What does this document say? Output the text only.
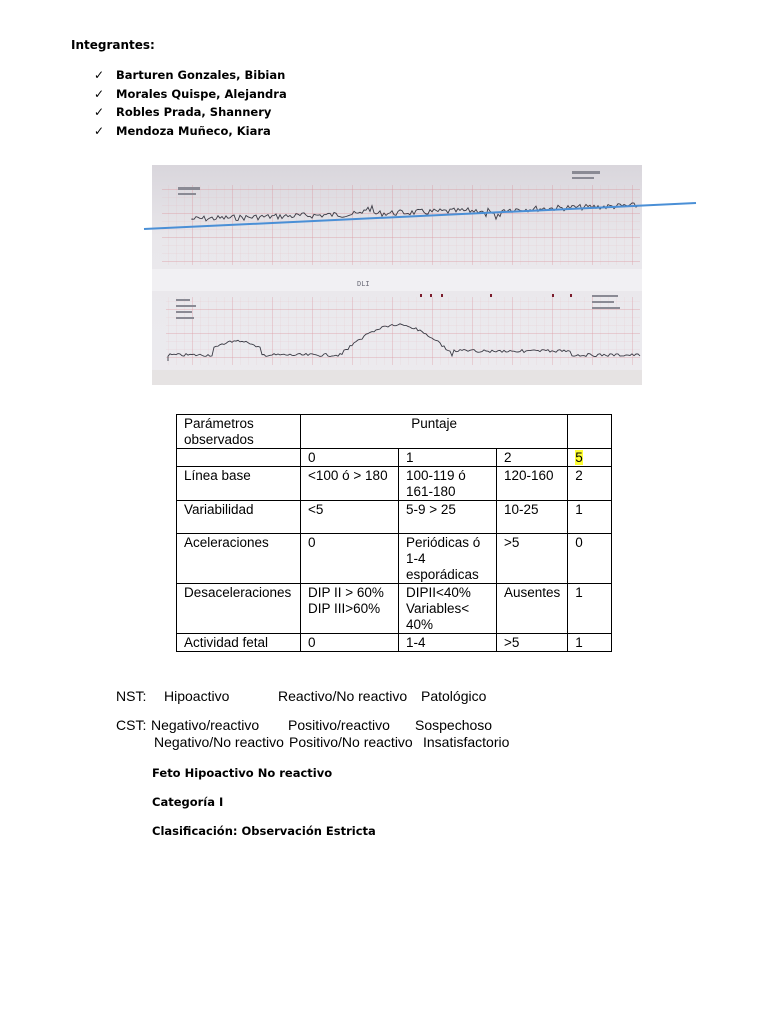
Integrantes:
✓	Barturen Gonzales, Bibian
✓	Morales Quispe, Alejandra
✓	Robles Prada, Shannery
✓	Mendoza Muñeco, Kiara
DLI
Parámetros observados	Puntaje			
	0	1	2	5
Línea base	<100 ó > 180	100-119 ó 161-180	120-160	2
Variabilidad	<5	5-9 > 25	10-25	1
Aceleraciones	0	Periódicas ó 1-4 esporádicas	>5	0
Desaceleraciones	DIP II > 60% DIP III>60%	DIPII<40% Variables< 40%	Ausentes	1
Actividad fetal	0	1-4	>5	1
NST: Hipoactivo	Reactivo/No reactivo Patológico
CST: Negativo/reactivo Positivo/reactivo Sospechoso
Negativo/No reactivo Positivo/No reactivo Insatisfactorio
Feto Hipoactivo No reactivo
Categoría I
Clasificación: Observación Estricta
